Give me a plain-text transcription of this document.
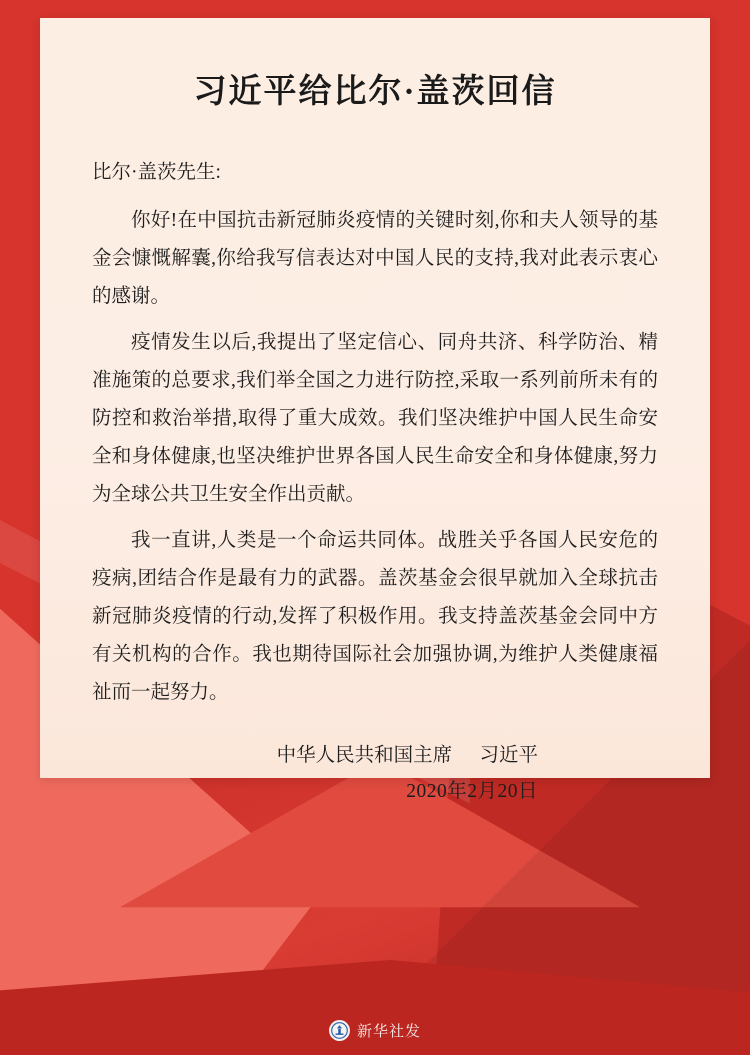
习近平给比尔·盖茨回信

比尔·盖茨先生:

你好!在中国抗击新冠肺炎疫情的关键时刻,你和夫人领导的基金会慷慨解囊,你给我写信表达对中国人民的支持,我对此表示衷心的感谢。

疫情发生以后,我提出了坚定信心、同舟共济、科学防治、精准施策的总要求,我们举全国之力进行防控,采取一系列前所未有的防控和救治举措,取得了重大成效。我们坚决维护中国人民生命安全和身体健康,也坚决维护世界各国人民生命安全和身体健康,努力为全球公共卫生安全作出贡献。

我一直讲,人类是一个命运共同体。战胜关乎各国人民安危的疫病,团结合作是最有力的武器。盖茨基金会很早就加入全球抗击新冠肺炎疫情的行动,发挥了积极作用。我支持盖茨基金会同中方有关机构的合作。我也期待国际社会加强协调,为维护人类健康福祉而一起努力。

中华人民共和国主席 习近平
2020年2月20日
新华社发
